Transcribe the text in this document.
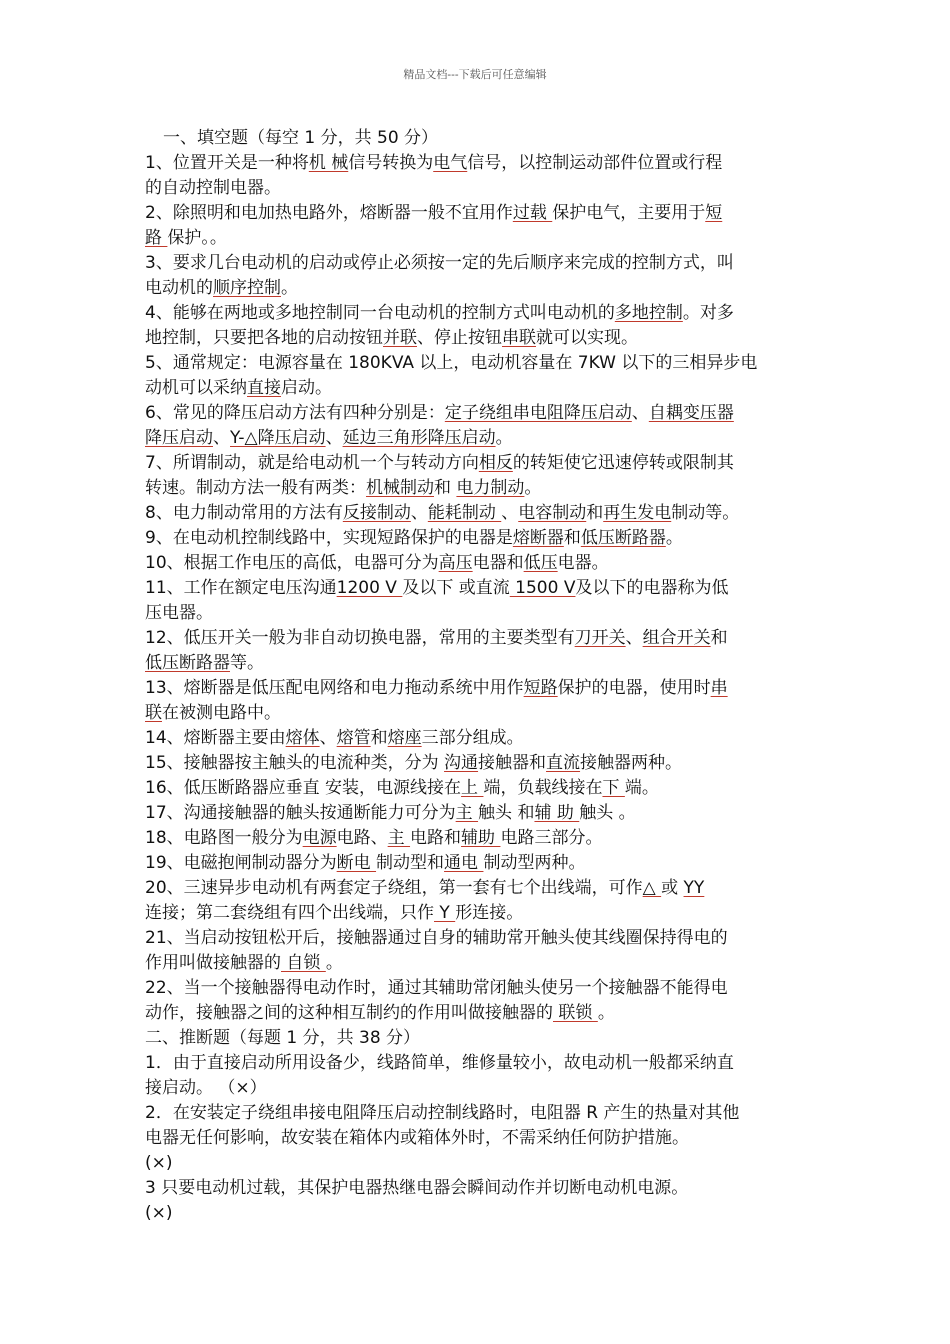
精品文档---下载后可任意编辑
一、填空题（每空 1 分，共 50 分）
1、位置开关是一种将机 械信号转换为电气信号，以控制运动部件位置或行程
的自动控制电器。
2、除照明和电加热电路外，熔断器一般不宜用作过载 保护电气，主要用于短
路 保护。。
3、要求几台电动机的启动或停止必须按一定的先后顺序来完成的控制方式，叫
电动机的顺序控制。
4、能够在两地或多地控制同一台电动机的控制方式叫电动机的多地控制。对多
地控制，只要把各地的启动按钮并联、停止按钮串联就可以实现。
5、通常规定：电源容量在 180KVA 以上，电动机容量在 7KW 以下的三相异步电
动机可以采纳直接启动。
6、常见的降压启动方法有四种分别是：定子绕组串电阻降压启动、自耦变压器
降压启动、Y-△降压启动、延边三角形降压启动。
7、所谓制动，就是给电动机一个与转动方向相反的转矩使它迅速停转或限制其
转速。制动方法一般有两类：机械制动和 电力制动。
8、电力制动常用的方法有反接制动、能耗制动 、电容制动和再生发电制动等。
9、在电动机控制线路中，实现短路保护的电器是熔断器和低压断路器。
10、根据工作电压的高低，电器可分为高压电器和低压电器。
11、工作在额定电压沟通1200 V 及以下 或直流 1500 V及以下的电器称为低
压电器。
12、低压开关一般为非自动切换电器，常用的主要类型有刀开关、组合开关和
低压断路器等。
13、熔断器是低压配电网络和电力拖动系统中用作短路保护的电器，使用时串
联在被测电路中。
14、熔断器主要由熔体、熔管和熔座三部分组成。
15、接触器按主触头的电流种类，分为 沟通接触器和直流接触器两种。
16、低压断路器应垂直 安装，电源线接在上 端，负载线接在下 端。
17、沟通接触器的触头按通断能力可分为主 触头 和辅 助 触头 。
18、电路图一般分为电源电路、主 电路和辅助 电路三部分。
19、电磁抱闸制动器分为断电 制动型和通电 制动型两种。
20、三速异步电动机有两套定子绕组，第一套有七个出线端，可作△ 或 YY
连接；第二套绕组有四个出线端，只作 Y 形连接。
21、当启动按钮松开后，接触器通过自身的辅助常开触头使其线圈保持得电的
作用叫做接触器的 自锁 。
22、当一个接触器得电动作时，通过其辅助常闭触头使另一个接触器不能得电
动作，接触器之间的这种相互制约的作用叫做接触器的 联锁 。
二、推断题（每题 1 分，共 38 分）
1．由于直接启动所用设备少，线路简单，维修量较小，故电动机一般都采纳直
接启动。 （×）
2．在安装定子绕组串接电阻降压启动控制线路时，电阻器 R 产生的热量对其他
电器无任何影响，故安装在箱体内或箱体外时，不需采纳任何防护措施。
(×)
3 只要电动机过载，其保护电器热继电器会瞬间动作并切断电动机电源。
(×)
